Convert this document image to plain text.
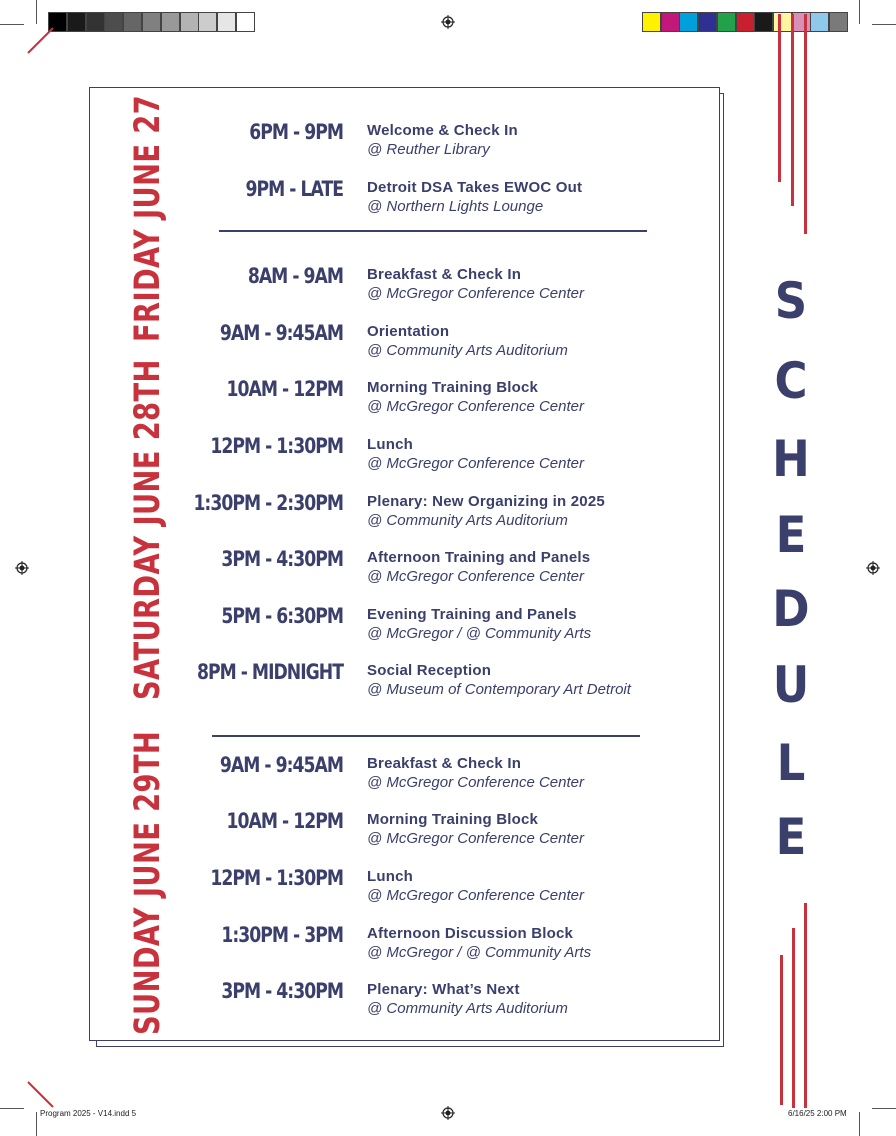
S
C
H
E
D
U
L
E
FRIDAY JUNE 27	6PM - 9PM Welcome & Check In
@ Reuther Library
9PM - LATE Detroit DSA Takes EWOC Out
@ Northern Lights Lounge
SATURDAY JUNE 28TH
8AM - 9AM Breakfast & Check In
@ McGregor Conference Center
9AM - 9:45AM Orientation
@ Community Arts Auditorium
10AM - 12PM Morning Training Block
@ McGregor Conference Center
12PM - 1:30PM Lunch
@ McGregor Conference Center
1:30PM - 2:30PM Plenary: New Organizing in 2025
@ Community Arts Auditorium
3PM - 4:30PM Afternoon Training and Panels
@ McGregor Conference Center
5PM - 6:30PM Evening Training and Panels
@ McGregor / @ Community Arts
8PM - MIDNIGHT Social Reception
@ Museum of Contemporary Art Detroit
SUNDAY JUNE 29TH	9AM - 9:45AM Breakfast & Check In
@ McGregor Conference Center
10AM - 12PM Morning Training Block
@ McGregor Conference Center
12PM - 1:30PM Lunch
@ McGregor Conference Center
1:30PM - 3PM Afternoon Discussion Block
@ McGregor / @ Community Arts
3PM - 4:30PM Plenary: What’s Next
@ Community Arts Auditorium
Program 2025 - V14.indd 5	6/16/25 2:00 PM
